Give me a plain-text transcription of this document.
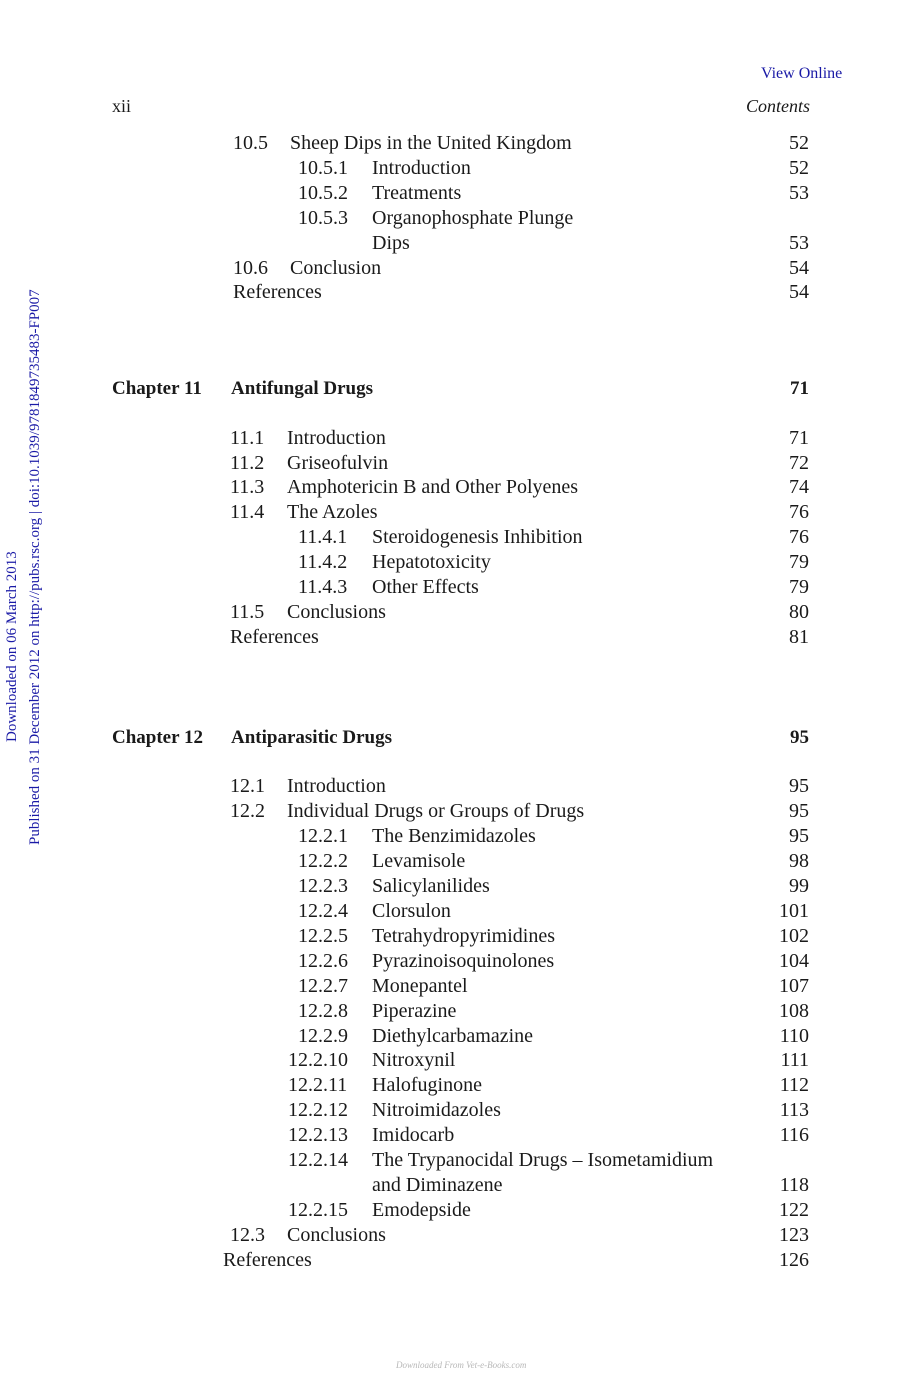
View Online
xii	Contents
Downloaded on 06 March 2013 Published on 31 December 2012 on http://pubs.rsc.org | doi:10.1039/9781849735483-FP007
10.5 Sheep Dips in the United Kingdom	52
10.5.1 Introduction	52
10.5.2 Treatments	53
10.5.3 Organophosphate Plunge
Dips	53
10.6 Conclusion	54
References	54
Chapter 11 Antifungal Drugs	71
11.1 Introduction	71
11.2 Griseofulvin	72
11.3 Amphotericin B and Other Polyenes	74
11.4 The Azoles	76
11.4.1 Steroidogenesis Inhibition	76
11.4.2 Hepatotoxicity	79
11.4.3 Other Effects	79
11.5 Conclusions	80
References	81
Chapter 12 Antiparasitic Drugs	95
12.1 Introduction	95
12.2 Individual Drugs or Groups of Drugs	95
12.2.1 The Benzimidazoles	95
12.2.2 Levamisole	98
12.2.3 Salicylanilides	99
12.2.4 Clorsulon	101
12.2.5 Tetrahydropyrimidines	102
12.2.6 Pyrazinoisoquinolones	104
12.2.7 Monepantel	107
12.2.8 Piperazine	108
12.2.9 Diethylcarbamazine	110
12.2.10 Nitroxynil	111
12.2.11 Halofuginone	112
12.2.12 Nitroimidazoles	113
12.2.13 Imidocarb	116
12.2.14 The Trypanocidal Drugs – Isometamidium
and Diminazene	118
12.2.15 Emodepside	122
12.3 Conclusions	123
References	126
Downloaded From Vet-e-Books.com
